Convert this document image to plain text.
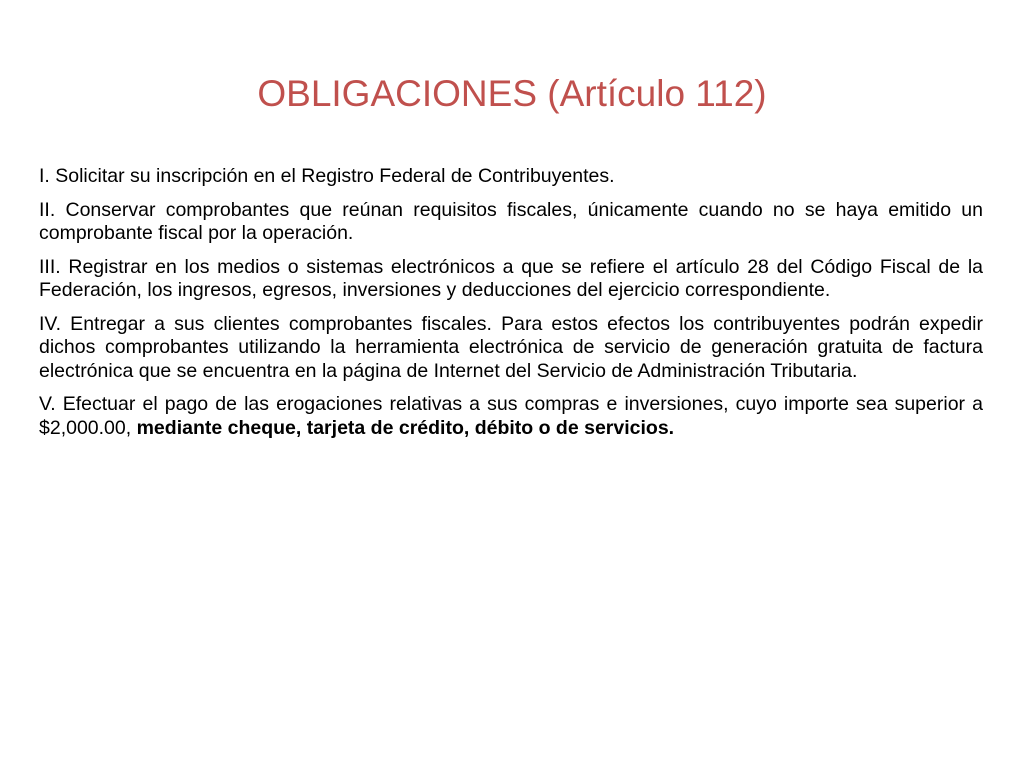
OBLIGACIONES (Artículo 112)

I. Solicitar su inscripción en el Registro Federal de Contribuyentes.

II. Conservar comprobantes que reúnan requisitos fiscales, únicamente cuando no se haya emitido un comprobante fiscal por la operación.

III. Registrar en los medios o sistemas electrónicos a que se refiere el artículo 28 del Código Fiscal de la Federación, los ingresos, egresos, inversiones y deducciones del ejercicio correspondiente.

IV. Entregar a sus clientes comprobantes fiscales. Para estos efectos los contribuyentes podrán expedir dichos comprobantes utilizando la herramienta electrónica de servicio de generación gratuita de factura electrónica que se encuentra en la página de Internet del Servicio de Administración Tributaria.

V. Efectuar el pago de las erogaciones relativas a sus compras e inversiones, cuyo importe sea superior a $2,000.00, mediante cheque, tarjeta de crédito, débito o de servicios.
